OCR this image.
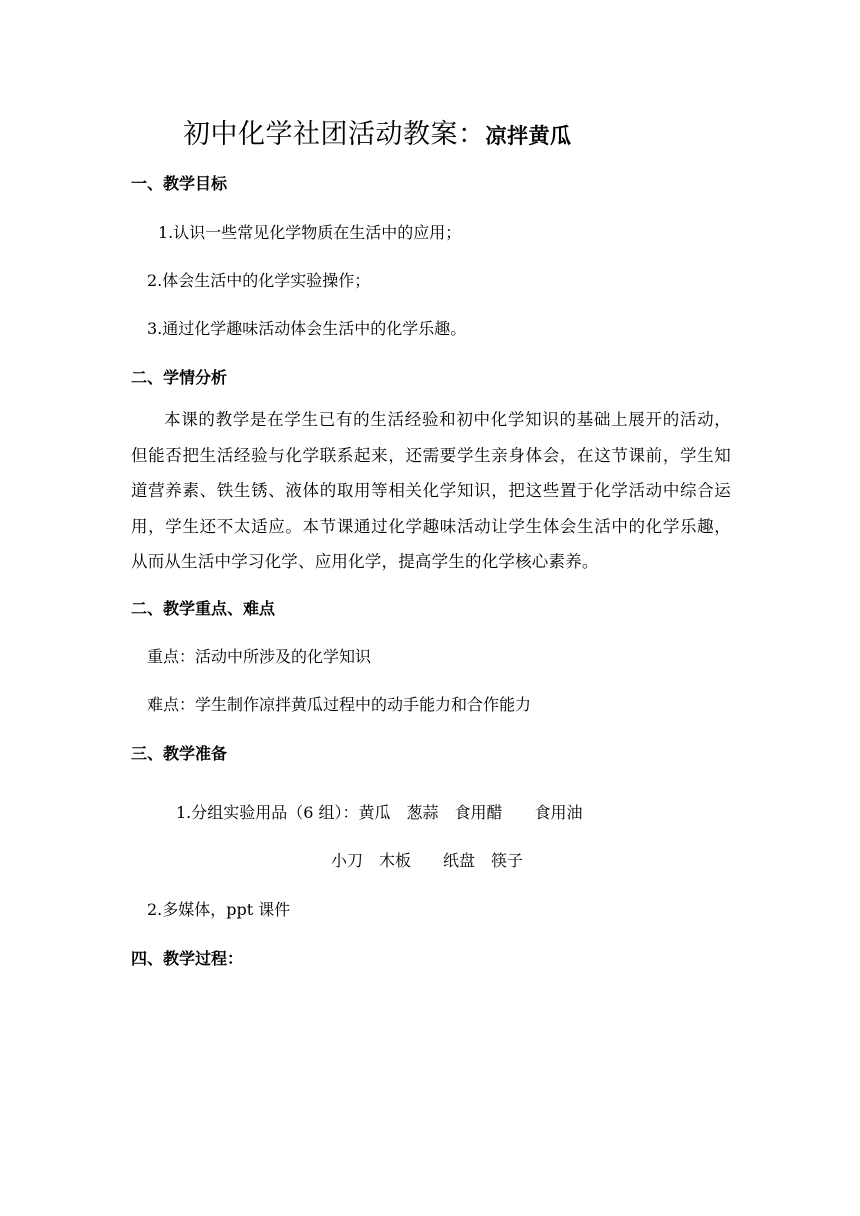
初中化学社团活动教案：凉拌黄瓜
一、教学目标
1.认识一些常见化学物质在生活中的应用；
2.体会生活中的化学实验操作；
3.通过化学趣味活动体会生活中的化学乐趣。
二、学情分析
本课的教学是在学生已有的生活经验和初中化学知识的基础上展开的活动，但能否把生活经验与化学联系起来，还需要学生亲身体会，在这节课前，学生知道营养素、铁生锈、液体的取用等相关化学知识，把这些置于化学活动中综合运用，学生还不太适应。本节课通过化学趣味活动让学生体会生活中的化学乐趣，从而从生活中学习化学、应用化学，提高学生的化学核心素养。
二、教学重点、难点
重点：活动中所涉及的化学知识
难点：学生制作凉拌黄瓜过程中的动手能力和合作能力
三、教学准备
1.分组实验用品（6 组）：黄瓜　葱蒜　食用醋　　食用油
小刀　木板　　纸盘　筷子
2.多媒体，ppt 课件
四、教学过程：
